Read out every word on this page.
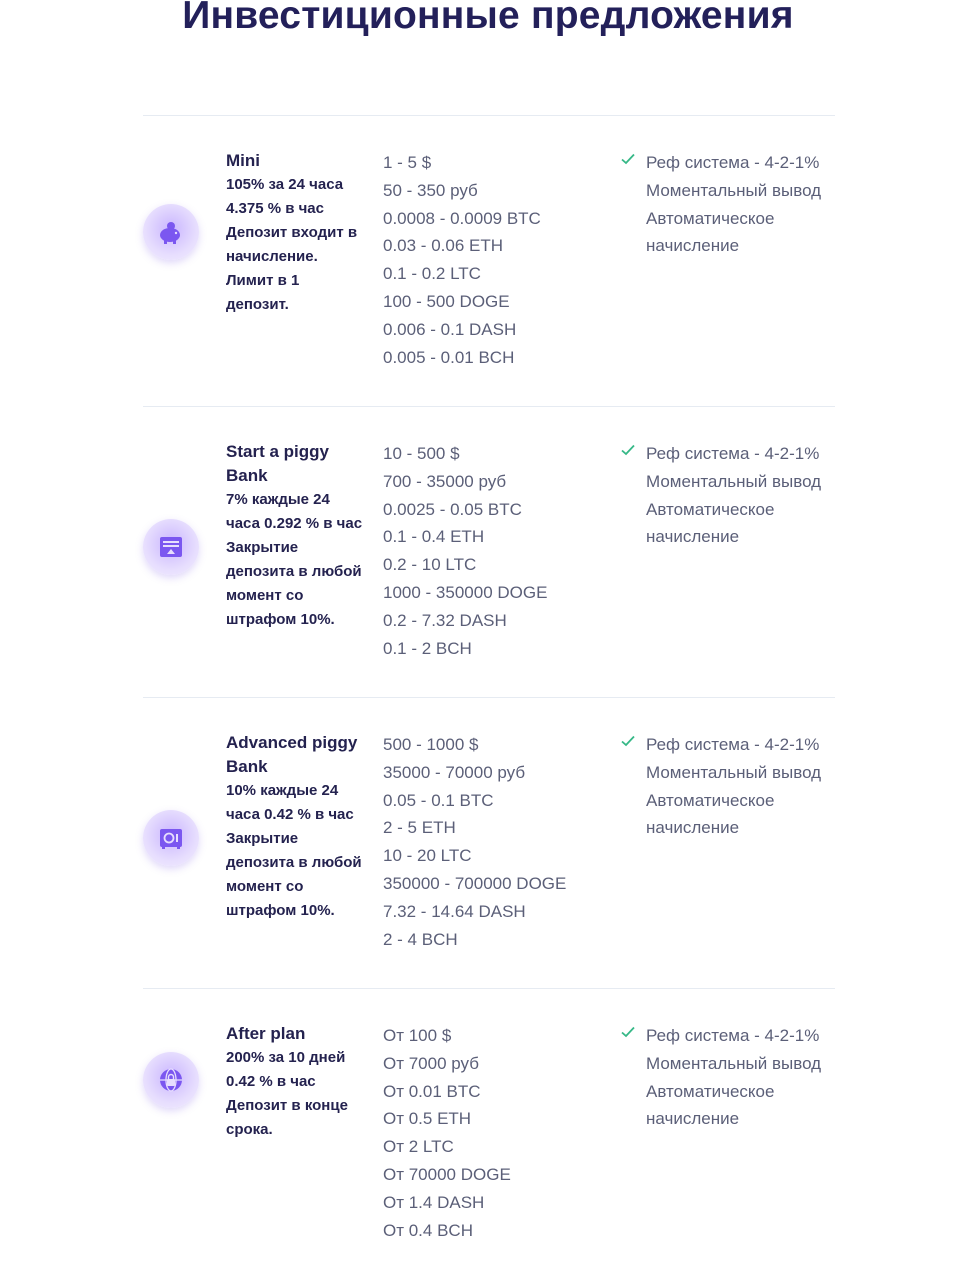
Инвестиционные предложения
Mini
105% за 24 часа 4.375 % в час Депозит входит в начисление. Лимит в 1 депозит.
1 - 5 $
50 - 350 руб
0.0008 - 0.0009 BTC
0.03 - 0.06 ETH
0.1 - 0.2 LTC
100 - 500 DOGE
0.006 - 0.1 DASH
0.005 - 0.01 BCH
Реф система - 4-2-1%
Моментальный вывод
Автоматическое начисление
Start a piggy Bank
7% каждые 24 часа 0.292 % в час Закрытие депозита в любой момент со штрафом 10%.
10 - 500 $
700 - 35000 руб
0.0025 - 0.05 BTC
0.1 - 0.4 ETH
0.2 - 10 LTC
1000 - 350000 DOGE
0.2 - 7.32 DASH
0.1 - 2 BCH
Реф система - 4-2-1%
Моментальный вывод
Автоматическое начисление
Advanced piggy Bank
10% каждые 24 часа 0.42 % в час Закрытие депозита в любой момент со штрафом 10%.
500 - 1000 $
35000 - 70000 руб
0.05 - 0.1 BTC
2 - 5 ETH
10 - 20 LTC
350000 - 700000 DOGE
7.32 - 14.64 DASH
2 - 4 BCH
Реф система - 4-2-1%
Моментальный вывод
Автоматическое начисление
After plan
200% за 10 дней 0.42 % в час Депозит в конце срока.
От 100 $
От 7000 руб
От 0.01 BTC
От 0.5 ETH
От 2 LTC
От 70000 DOGE
От 1.4 DASH
От 0.4 BCH
Реф система - 4-2-1%
Моментальный вывод
Автоматическое начисление
